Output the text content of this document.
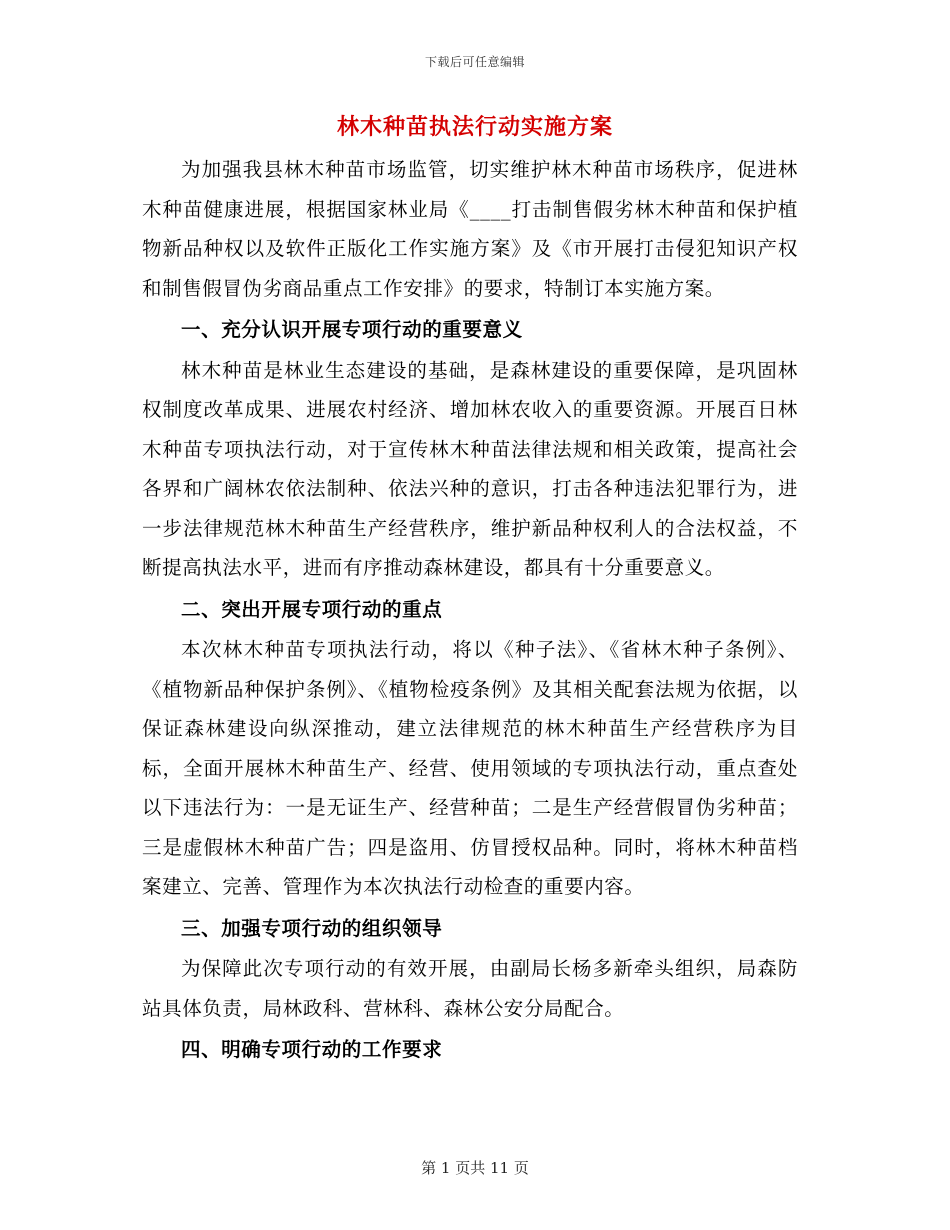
下载后可任意编辑
林木种苗执法行动实施方案

为加强我县林木种苗市场监管，切实维护林木种苗市场秩序，促进林木种苗健康进展，根据国家林业局《____打击制售假劣林木种苗和保护植物新品种权以及软件正版化工作实施方案》及《市开展打击侵犯知识产权和制售假冒伪劣商品重点工作安排》的要求，特制订本实施方案。

一、充分认识开展专项行动的重要意义

林木种苗是林业生态建设的基础，是森林建设的重要保障，是巩固林权制度改革成果、进展农村经济、增加林农收入的重要资源。开展百日林木种苗专项执法行动，对于宣传林木种苗法律法规和相关政策，提高社会各界和广阔林农依法制种、依法兴种的意识，打击各种违法犯罪行为，进一步法律规范林木种苗生产经营秩序，维护新品种权利人的合法权益，不断提高执法水平，进而有序推动森林建设，都具有十分重要意义。

二、突出开展专项行动的重点

本次林木种苗专项执法行动，将以《种子法》、《省林木种子条例》、《植物新品种保护条例》、《植物检疫条例》及其相关配套法规为依据，以保证森林建设向纵深推动，建立法律规范的林木种苗生产经营秩序为目标，全面开展林木种苗生产、经营、使用领域的专项执法行动，重点查处以下违法行为：一是无证生产、经营种苗；二是生产经营假冒伪劣种苗；三是虚假林木种苗广告；四是盗用、仿冒授权品种。同时，将林木种苗档案建立、完善、管理作为本次执法行动检查的重要内容。

三、加强专项行动的组织领导

为保障此次专项行动的有效开展，由副局长杨多新牵头组织，局森防站具体负责，局林政科、营林科、森林公安分局配合。

四、明确专项行动的工作要求
第 1 页共 11 页
